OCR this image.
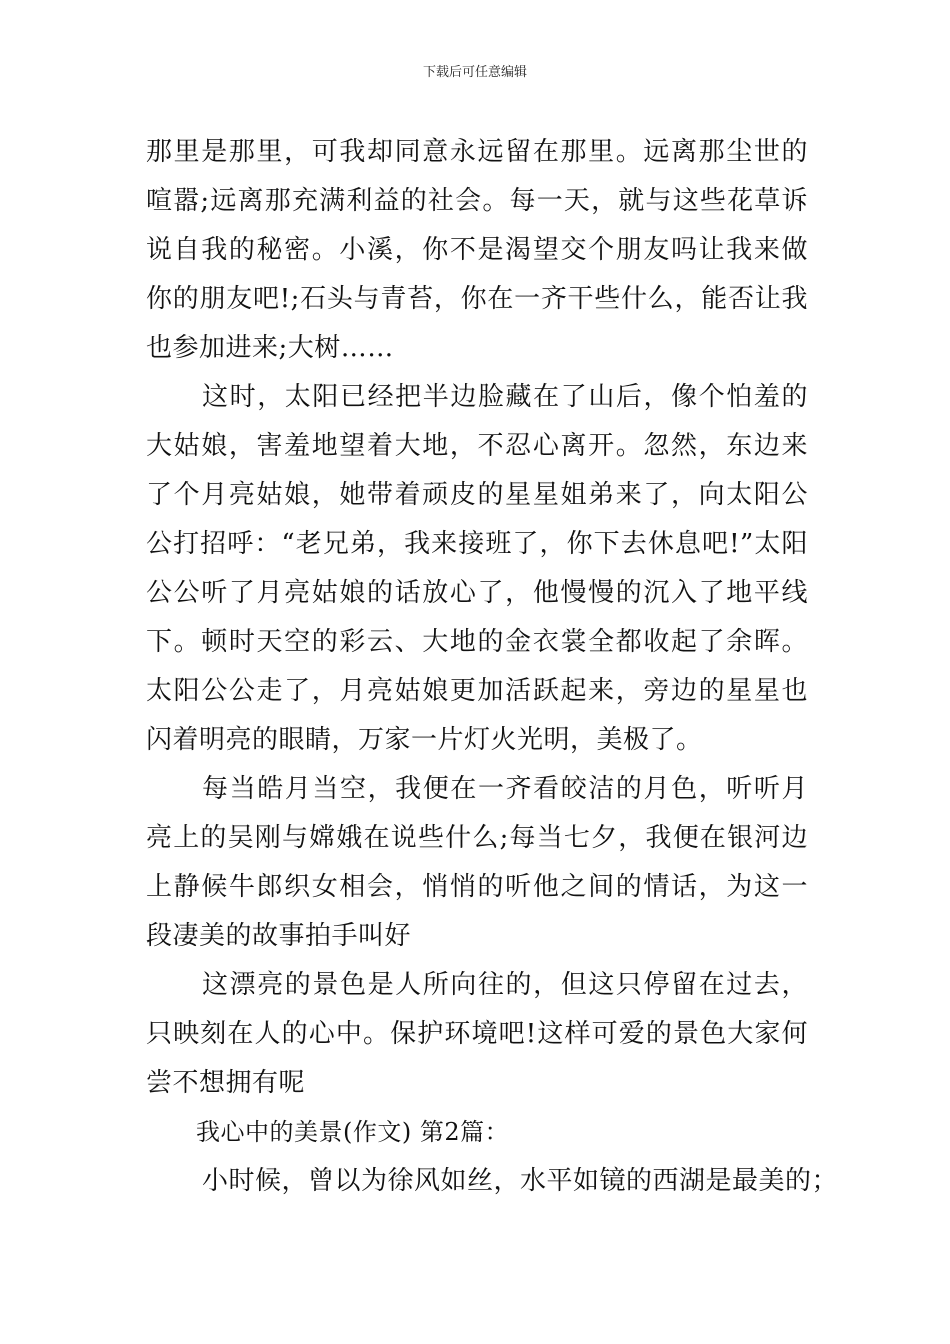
下载后可任意编辑

那里是那里，可我却同意永远留在那里。远离那尘世的喧嚣;远离那充满利益的社会。每一天，就与这些花草诉说自我的秘密。小溪，你不是渴望交个朋友吗让我来做你的朋友吧!;石头与青苔，你在一齐干些什么，能否让我也参加进来;大树……

这时，太阳已经把半边脸藏在了山后，像个怕羞的大姑娘，害羞地望着大地，不忍心离开。忽然，东边来了个月亮姑娘，她带着顽皮的星星姐弟来了，向太阳公公打招呼：“老兄弟，我来接班了，你下去休息吧!”太阳公公听了月亮姑娘的话放心了，他慢慢的沉入了地平线下。顿时天空的彩云、大地的金衣裳全都收起了余晖。太阳公公走了，月亮姑娘更加活跃起来，旁边的星星也闪着明亮的眼睛，万家一片灯火光明，美极了。

每当皓月当空，我便在一齐看皎洁的月色，听听月亮上的吴刚与嫦娥在说些什么;每当七夕，我便在银河边上静候牛郎织女相会，悄悄的听他之间的情话，为这一段凄美的故事拍手叫好

这漂亮的景色是人所向往的，但这只停留在过去，只映刻在人的心中。保护环境吧!这样可爱的景色大家何尝不想拥有呢

我心中的美景(作文) 第2篇：

小时候，曾以为徐风如丝，水平如镜的西湖是最美的；
